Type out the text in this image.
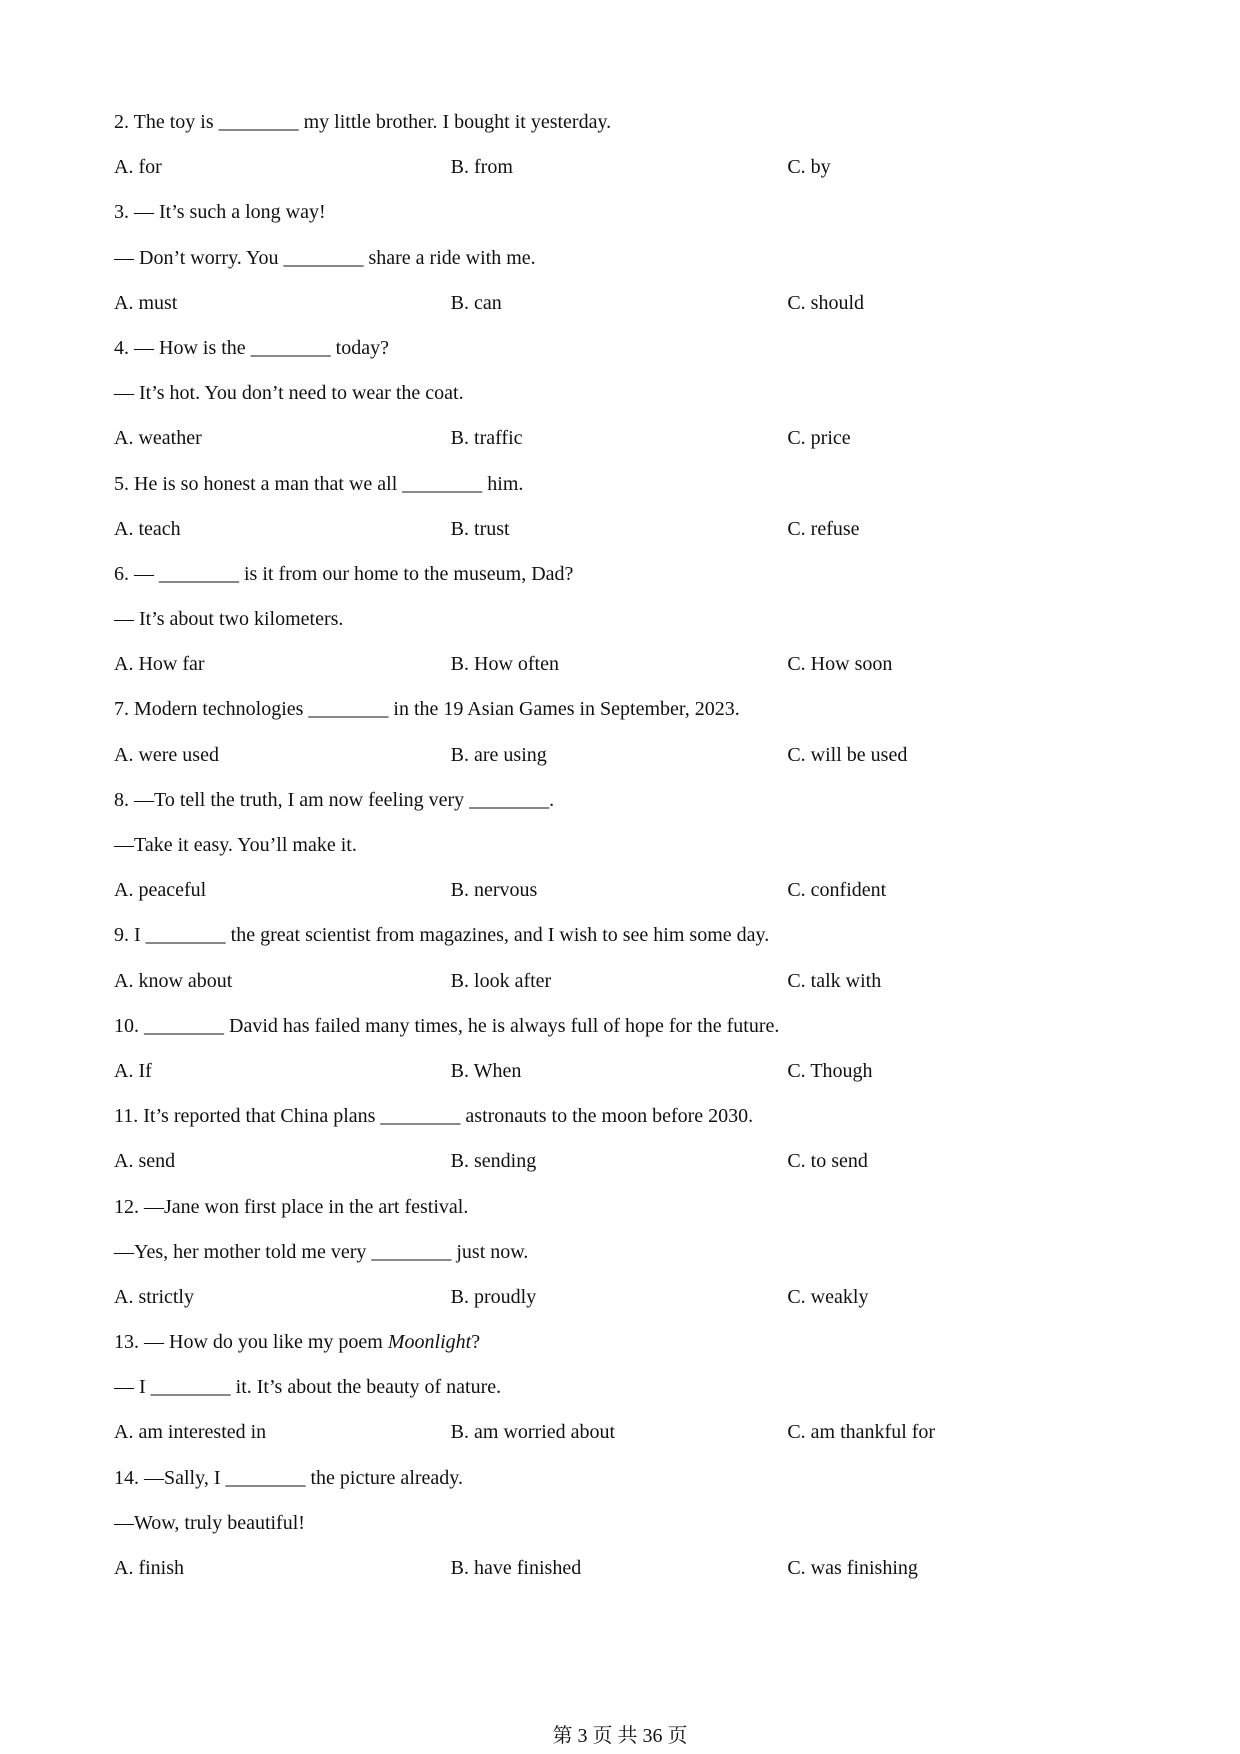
2. The toy is ________ my little brother. I bought it yesterday.
A. for	B. from	C. by
3. — It’s such a long way!
— Don’t worry. You ________ share a ride with me.
A. must	B. can	C. should
4. — How is the ________ today?
— It’s hot. You don’t need to wear the coat.
A. weather	B. traffic	C. price
5. He is so honest a man that we all ________ him.
A. teach	B. trust	C. refuse
6. — ________ is it from our home to the museum, Dad?
— It’s about two kilometers.
A. How far	B. How often	C. How soon
7. Modern technologies ________ in the 19 Asian Games in September, 2023.
A. were used	B. are using	C. will be used
8. —To tell the truth, I am now feeling very ________.
—Take it easy. You’ll make it.
A. peaceful	B. nervous	C. confident
9. I ________ the great scientist from magazines, and I wish to see him some day.
A. know about	B. look after	C. talk with
10. ________ David has failed many times, he is always full of hope for the future.
A. If	B. When	C. Though
11. It’s reported that China plans ________ astronauts to the moon before 2030.
A. send	B. sending	C. to send
12. —Jane won first place in the art festival.
—Yes, her mother told me very ________ just now.
A. strictly	B. proudly	C. weakly
13. — How do you like my poem Moonlight?
— I ________ it. It’s about the beauty of nature.
A. am interested in	B. am worried about	C. am thankful for
14. —Sally, I ________ the picture already.
—Wow, truly beautiful!
A. finish	B. have finished	C. was finishing
第 3 页 共 36 页
